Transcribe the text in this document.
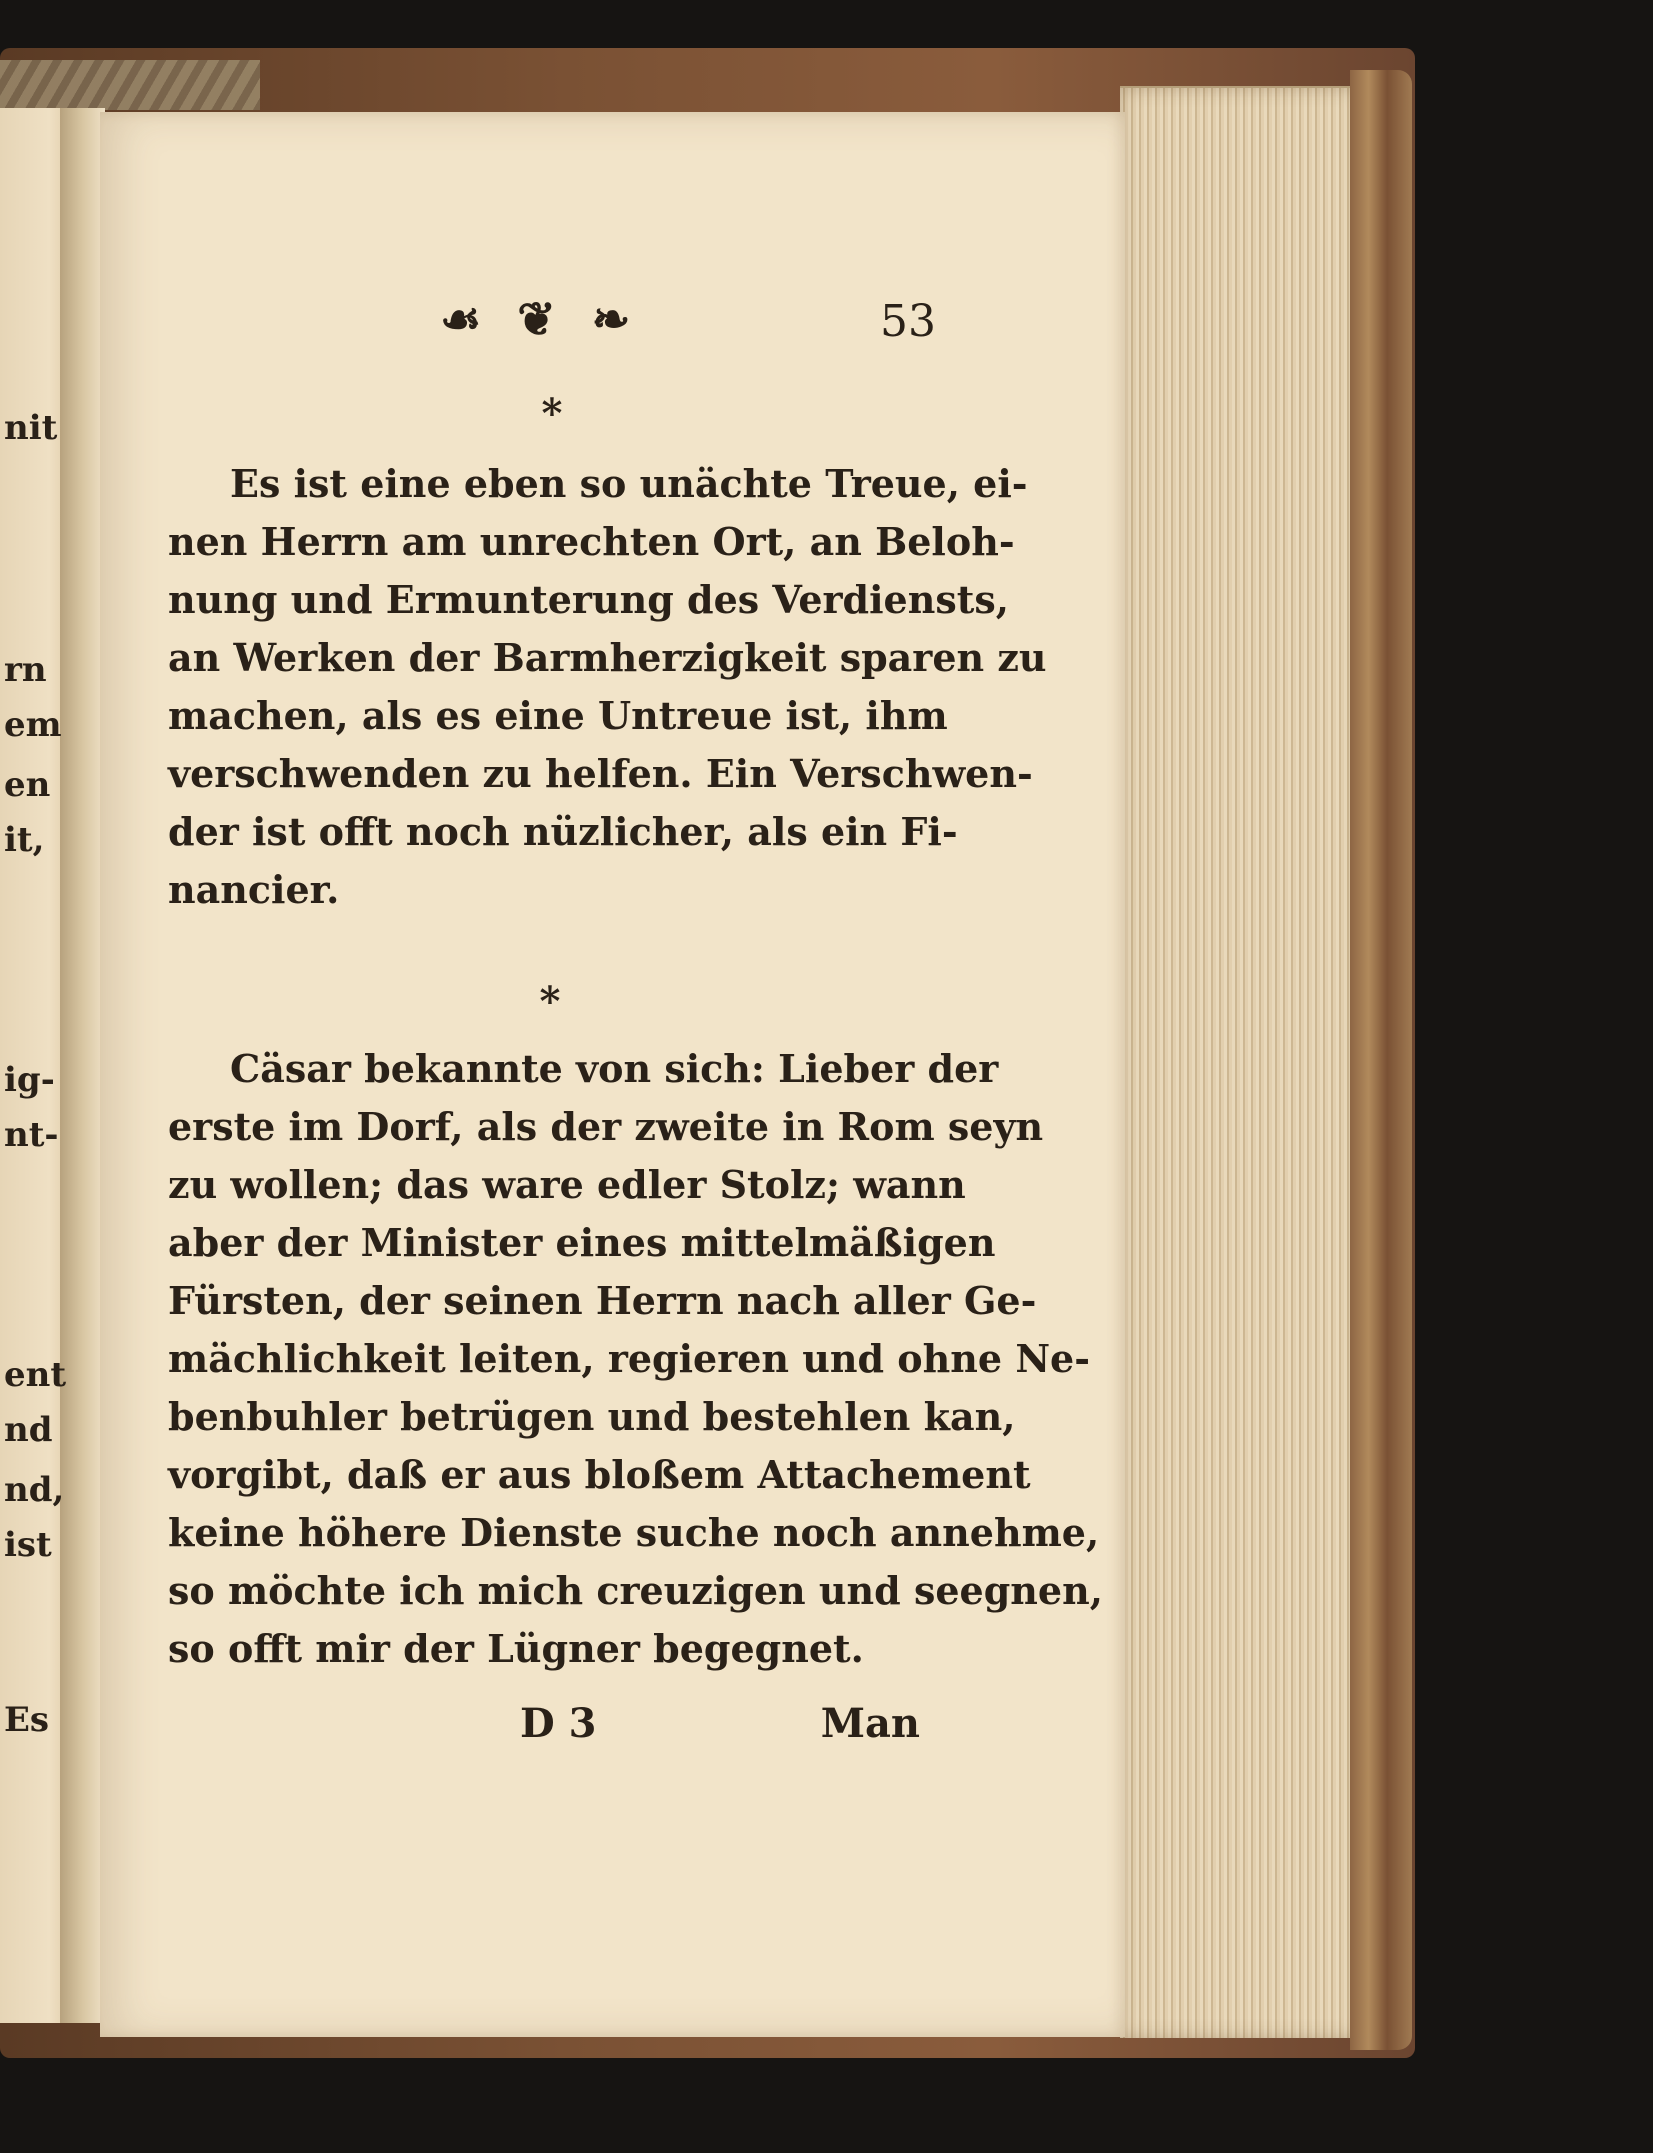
nit
rn
em
en
it,
ig-
nt-
ent
nd
nd,
ist
Es
☙ ❦ ❧	53
*
Es ist eine eben so unächte Treue, ei-
nen Herrn am unrechten Ort, an Beloh-
nung und Ermunterung des Verdiensts,
an Werken der Barmherzigkeit sparen zu
machen, als es eine Untreue ist, ihm
verschwenden zu helfen. Ein Verschwen-
der ist offt noch nüzlicher, als ein Fi-
nancier.
*
Cäsar bekannte von sich: Lieber der
erste im Dorf, als der zweite in Rom seyn
zu wollen; das ware edler Stolz; wann
aber der Minister eines mittelmäßigen
Fürsten, der seinen Herrn nach aller Ge-
mächlichkeit leiten, regieren und ohne Ne-
benbuhler betrügen und bestehlen kan,
vorgibt, daß er aus bloßem Attachement
keine höhere Dienste suche noch annehme,
so möchte ich mich creuzigen und seegnen,
so offt mir der Lügner begegnet.
D 3	Man
